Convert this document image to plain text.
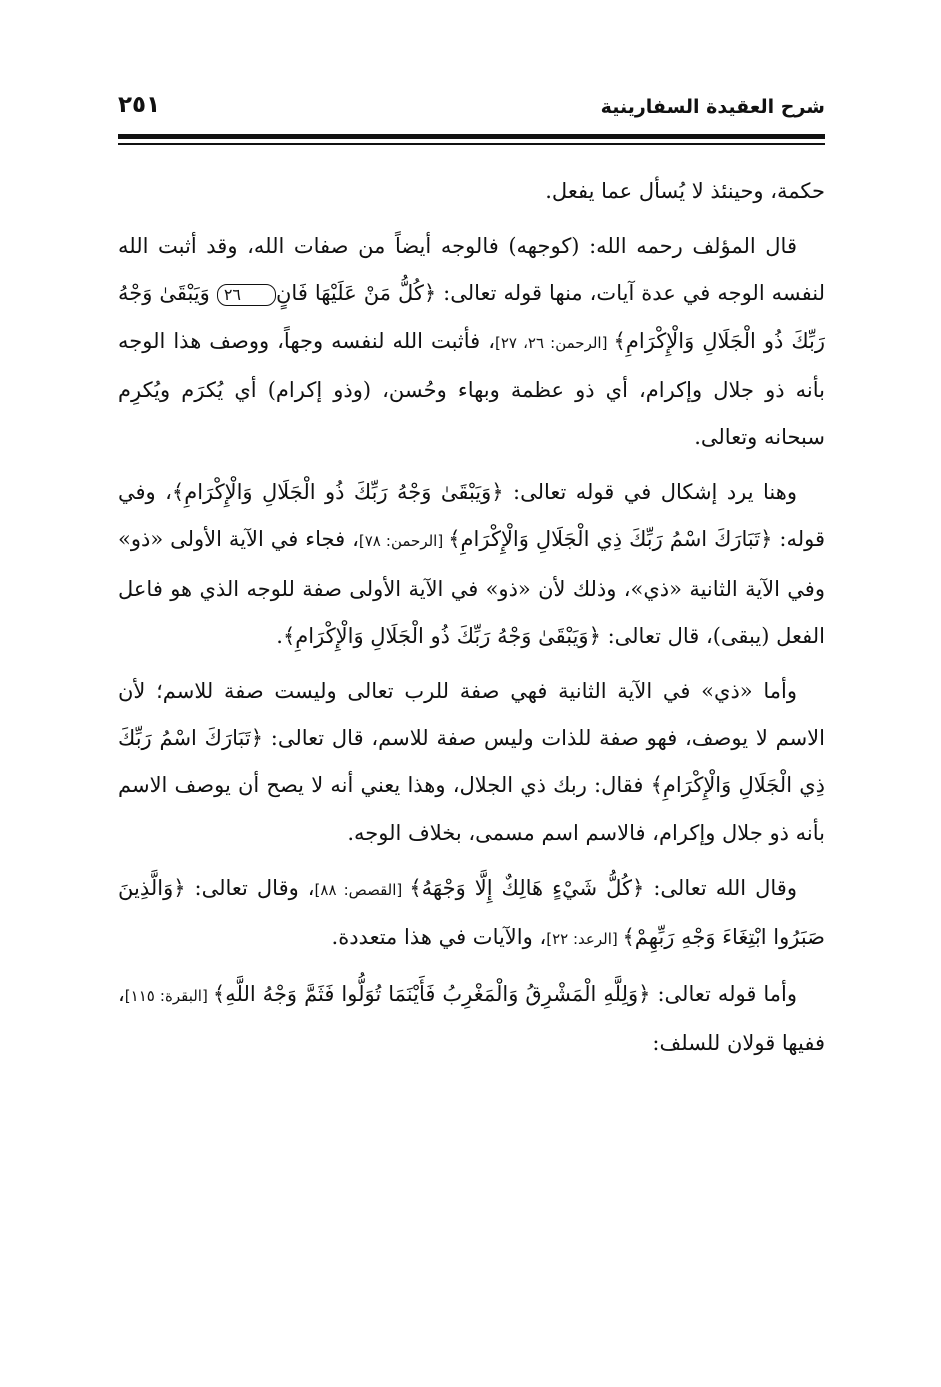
شرح العقيدة السفارينية
٢٥١

حكمة، وحينئذ لا يُسأل عما يفعل.

قال المؤلف رحمه الله: (كوجهه) فالوجه أيضاً من صفات الله، وقد أثبت الله لنفسه الوجه في عدة آيات، منها قوله تعالى: ﴿كُلُّ مَنْ عَلَيْهَا فَانٍ٢٦ وَيَبْقَىٰ وَجْهُ رَبِّكَ ذُو الْجَلَالِ وَالْإِكْرَامِ﴾ [الرحمن: ٢٦، ٢٧]، فأثبت الله لنفسه وجهاً، ووصف هذا الوجه بأنه ذو جلال وإكرام، أي ذو عظمة وبهاء وحُسن، (وذو إكرام) أي يُكرَم ويُكرِم سبحانه وتعالى.

وهنا يرد إشكال في قوله تعالى: ﴿وَيَبْقَىٰ وَجْهُ رَبِّكَ ذُو الْجَلَالِ وَالْإِكْرَامِ﴾، وفي قوله: ﴿تَبَارَكَ اسْمُ رَبِّكَ ذِي الْجَلَالِ وَالْإِكْرَامِ﴾ [الرحمن: ٧٨]، فجاء في الآية الأولى «ذو» وفي الآية الثانية «ذي»، وذلك لأن «ذو» في الآية الأولى صفة للوجه الذي هو فاعل الفعل (يبقى)، قال تعالى: ﴿وَيَبْقَىٰ وَجْهُ رَبِّكَ ذُو الْجَلَالِ وَالْإِكْرَامِ﴾.

وأما «ذي» في الآية الثانية فهي صفة للرب تعالى وليست صفة للاسم؛ لأن الاسم لا يوصف، فهو صفة للذات وليس صفة للاسم، قال تعالى: ﴿تَبَارَكَ اسْمُ رَبِّكَ ذِي الْجَلَالِ وَالْإِكْرَامِ﴾ فقال: ربك ذي الجلال، وهذا يعني أنه لا يصح أن يوصف الاسم بأنه ذو جلال وإكرام، فالاسم اسم مسمى، بخلاف الوجه.

وقال الله تعالى: ﴿كُلُّ شَيْءٍ هَالِكٌ إِلَّا وَجْهَهُ﴾ [القصص: ٨٨]، وقال تعالى: ﴿وَالَّذِينَ صَبَرُوا ابْتِغَاءَ وَجْهِ رَبِّهِمْ﴾ [الرعد: ٢٢]، والآيات في هذا متعددة.

وأما قوله تعالى: ﴿وَلِلَّهِ الْمَشْرِقُ وَالْمَغْرِبُ فَأَيْنَمَا تُوَلُّوا فَثَمَّ وَجْهُ اللَّهِ﴾ [البقرة: ١١٥]، ففيها قولان للسلف:
